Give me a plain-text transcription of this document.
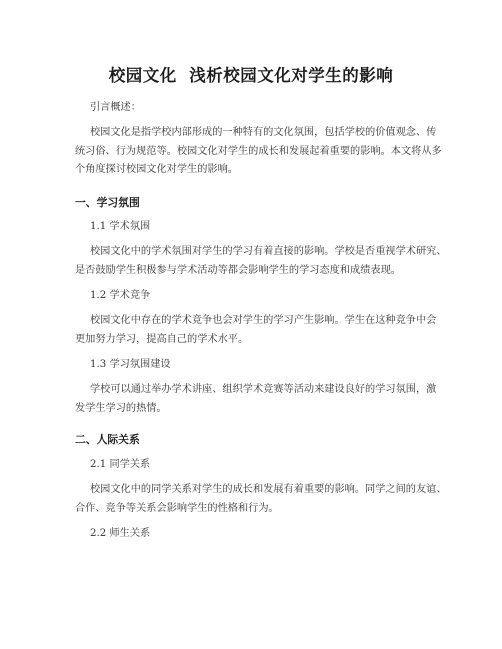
校园文化  浅析校园文化对学生的影响
引言概述：
校园文化是指学校内部形成的一种特有的文化氛围，包括学校的价值观念、传
统习俗、行为规范等。校园文化对学生的成长和发展起着重要的影响。本文将从多
个角度探讨校园文化对学生的影响。
一、学习氛围
1.1 学术氛围
校园文化中的学术氛围对学生的学习有着直接的影响。学校是否重视学术研究、
是否鼓励学生积极参与学术活动等都会影响学生的学习态度和成绩表现。
1.2 学术竞争
校园文化中存在的学术竞争也会对学生的学习产生影响。学生在这种竞争中会
更加努力学习，提高自己的学术水平。
1.3 学习氛围建设
学校可以通过举办学术讲座、组织学术竞赛等活动来建设良好的学习氛围，激
发学生学习的热情。
二、人际关系
2.1 同学关系
校园文化中的同学关系对学生的成长和发展有着重要的影响。同学之间的友谊、
合作、竞争等关系会影响学生的性格和行为。
2.2 师生关系
